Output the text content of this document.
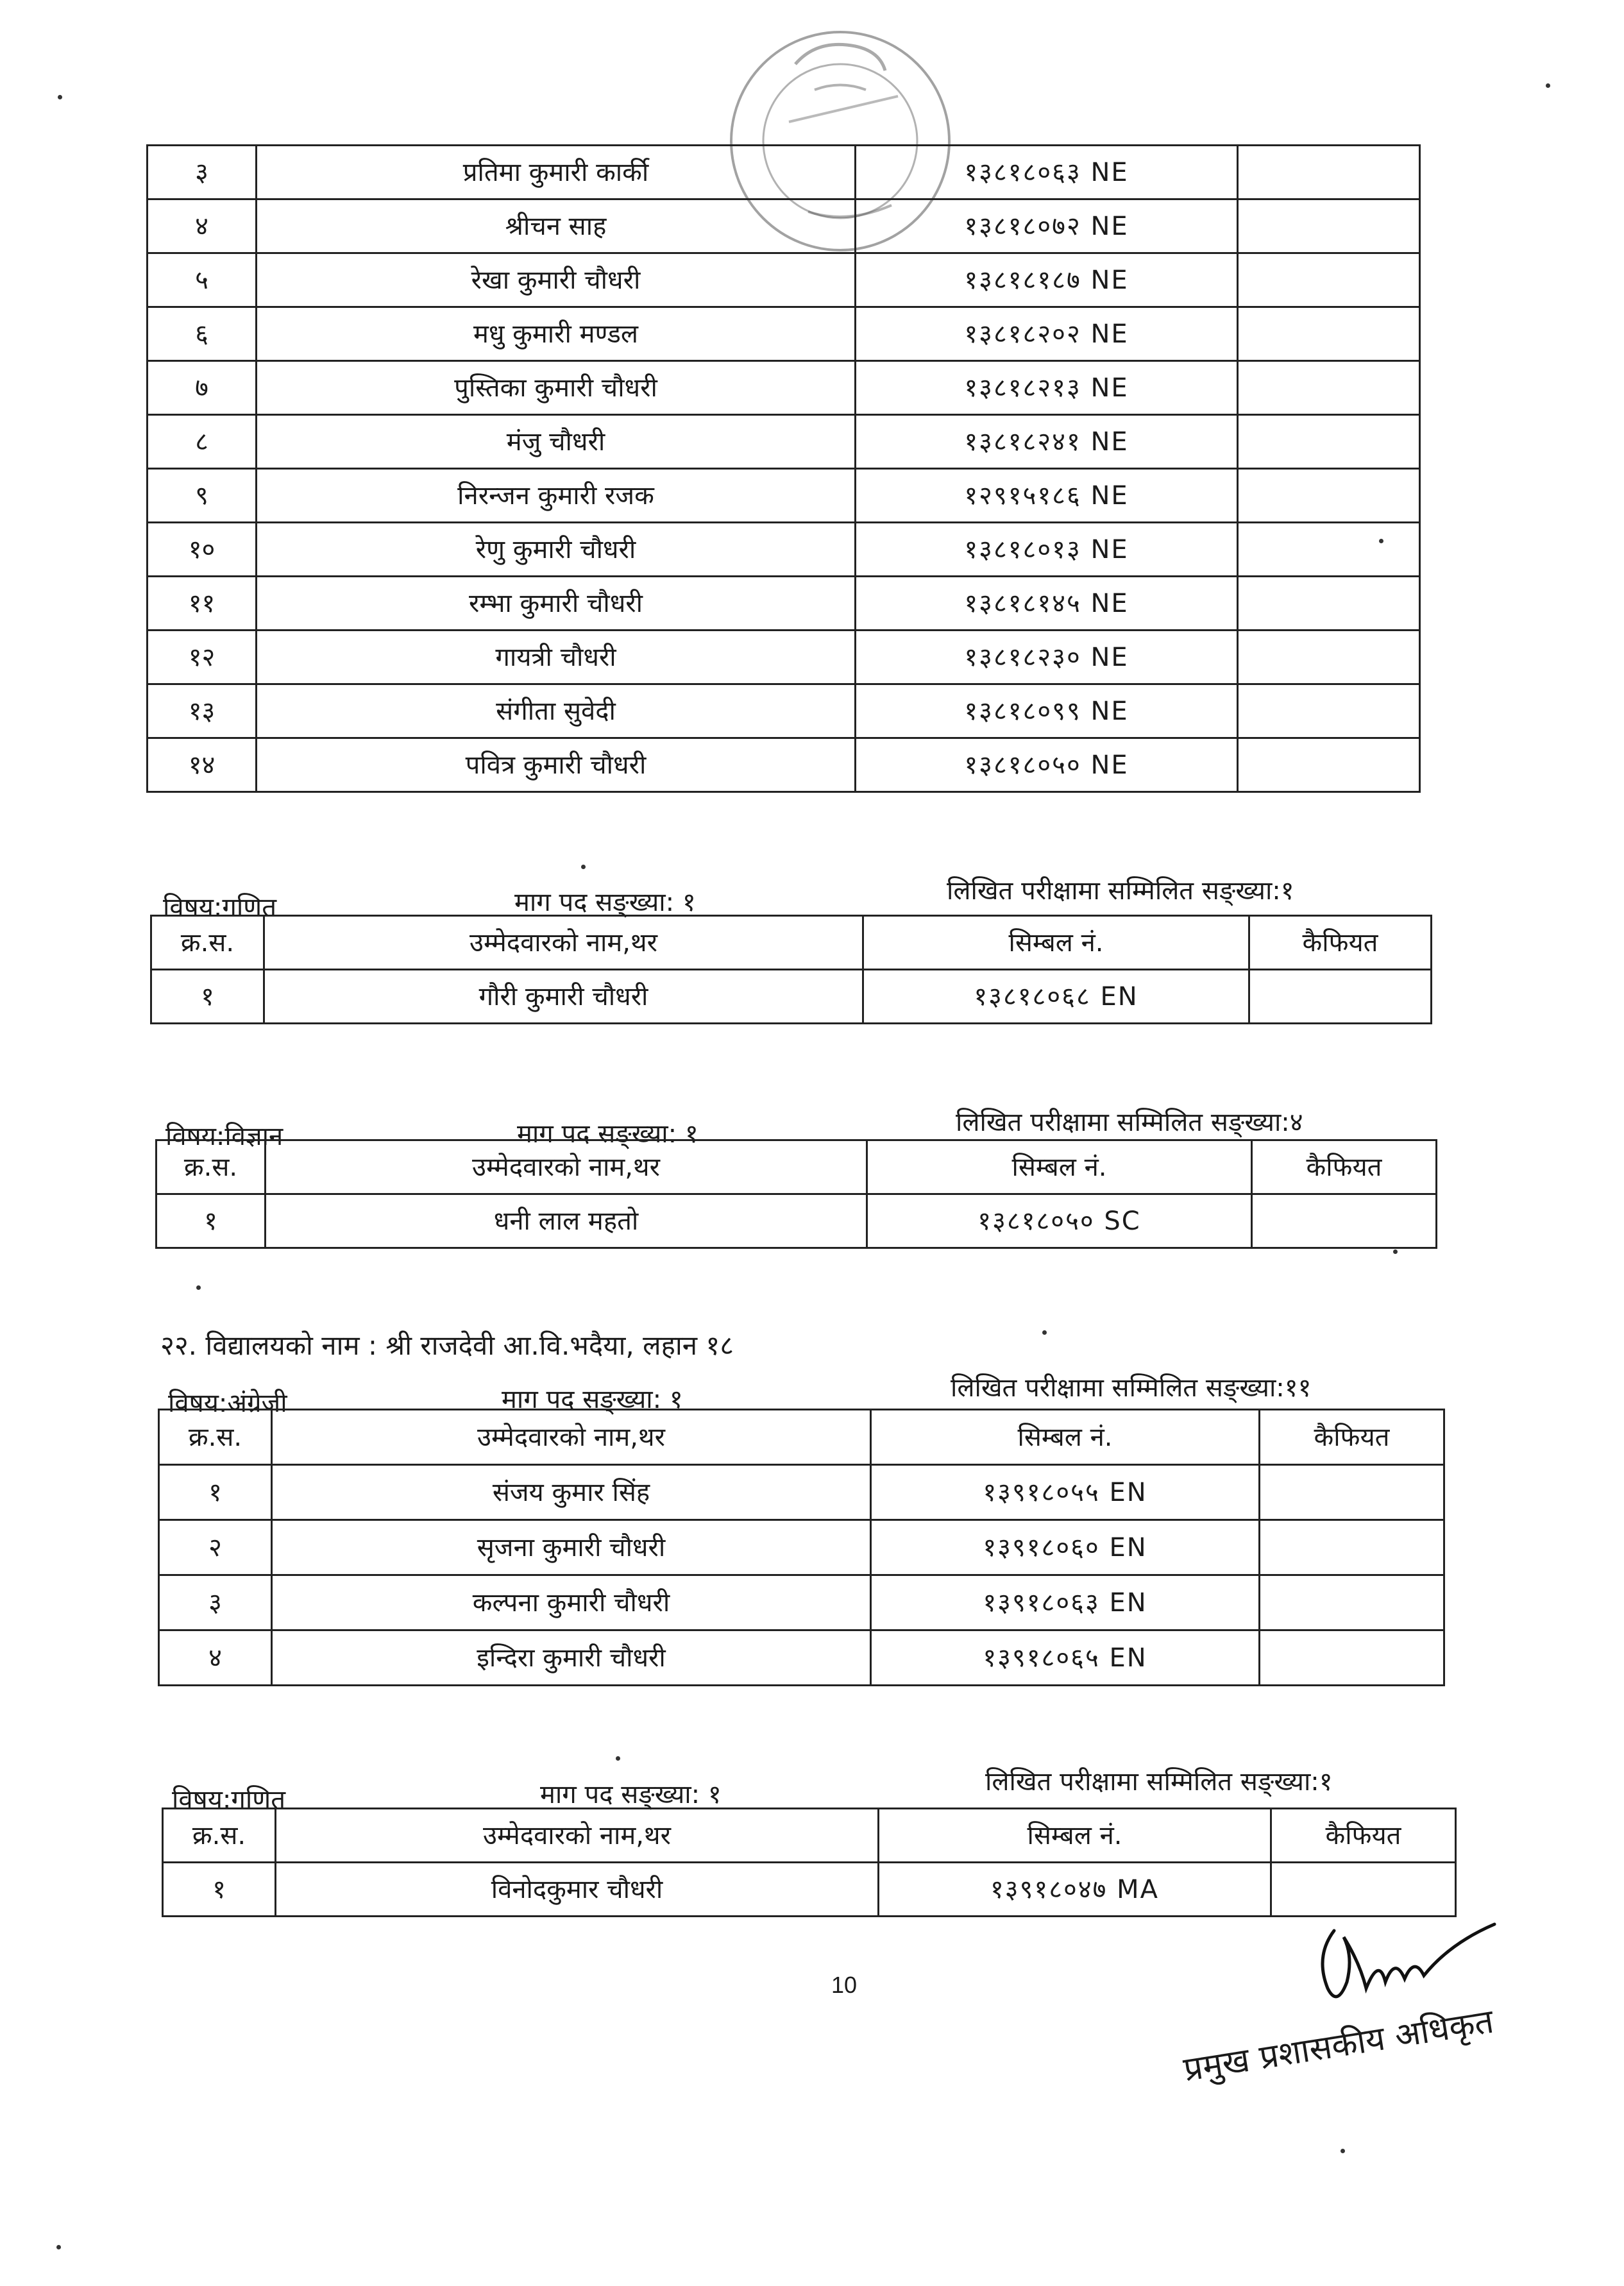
३	प्रतिमा कुमारी कार्की	१३८१८०६३ NE	
४	श्रीचन साह	१३८१८०७२ NE	
५	रेखा कुमारी चौधरी	१३८१८१८७ NE	
६	मधु कुमारी मण्डल	१३८१८२०२ NE	
७	पुस्तिका कुमारी चौधरी	१३८१८२१३ NE	
८	मंजु चौधरी	१३८१८२४१ NE	
९	निरन्जन कुमारी रजक	१२९१५१८६ NE	
१०	रेणु कुमारी चौधरी	१३८१८०१३ NE	
११	रम्भा कुमारी चौधरी	१३८१८१४५ NE	
१२	गायत्री चौधरी	१३८१८२३० NE	
१३	संगीता सुवेदी	१३८१८०९९ NE	
१४	पवित्र कुमारी चौधरी	१३८१८०५० NE	
विषय:गणित	माग पद सङ्ख्या: १	लिखित परीक्षामा सम्मिलित सङ्ख्या:१
क्र.स.	उम्मेदवारको नाम,थर	सिम्बल नं.	कैफियत
१	गौरी कुमारी चौधरी	१३८१८०६८ EN	
विषय:विज्ञान	माग पद सङ्ख्या: १	लिखित परीक्षामा सम्मिलित सङ्ख्या:४
क्र.स.	उम्मेदवारको नाम,थर	सिम्बल नं.	कैफियत
१	धनी लाल महतो	१३८१८०५० SC	
२२. विद्यालयको नाम : श्री राजदेवी आ.वि.भदैया, लहान १८
विषय:अंग्रेजी	माग पद सङ्ख्या: १	लिखित परीक्षामा सम्मिलित सङ्ख्या:११
क्र.स.	उम्मेदवारको नाम,थर	सिम्बल नं.	कैफियत
१	संजय कुमार सिंह	१३९१८०५५ EN	
२	सृजना कुमारी चौधरी	१३९१८०६० EN	
३	कल्पना कुमारी चौधरी	१३९१८०६३ EN	
४	इन्दिरा कुमारी चौधरी	१३९१८०६५ EN	
विषय:गणित	माग पद सङ्ख्या: १	लिखित परीक्षामा सम्मिलित सङ्ख्या:१
क्र.स.	उम्मेदवारको नाम,थर	सिम्बल नं.	कैफियत
१	विनोदकुमार चौधरी	१३९१८०४७ MA	
10
प्रमुख प्रशासकीय अधिकृत
